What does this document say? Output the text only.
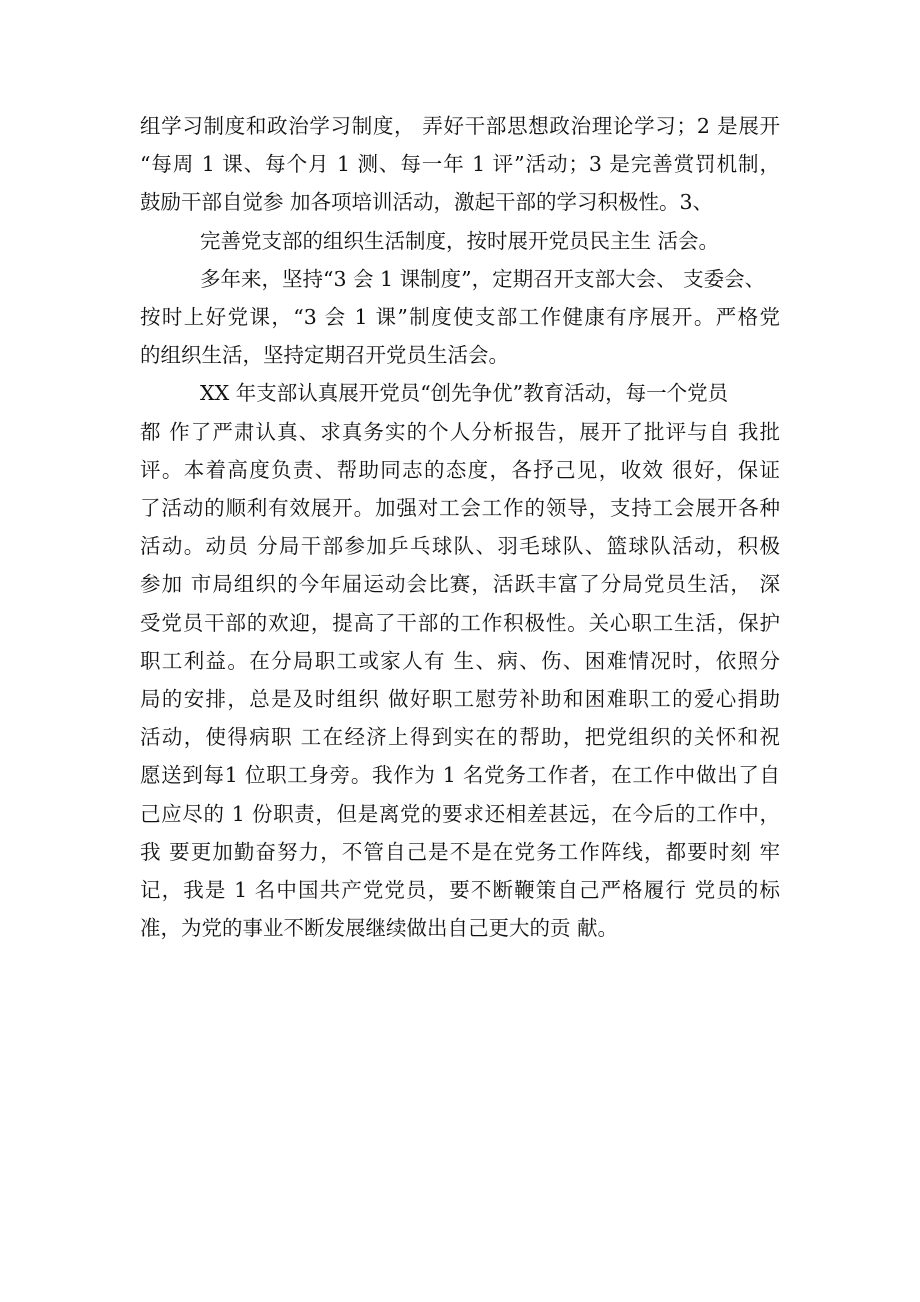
组学习制度和政治学习制度， 弄好干部思想政治理论学习；2 是展开
“每周 1 课、每个月 1 测、每一年 1 评”活动；3 是完善赏罚机制，
鼓励干部自觉参 加各项培训活动，激起干部的学习积极性。3、

完善党支部的组织生活制度，按时展开党员民主生 活会。

多年来，坚持“3 会 1 课制度”，定期召开支部大会、 支委会、
按时上好党课，“3 会 1 课”制度使支部工作健康有序展开。严格党
的组织生活，坚持定期召开党员生活会。

XX 年支部认真展开党员“创先争优”教育活动，每一个党员
都 作了严肃认真、求真务实的个人分析报告，展开了批评与自 我批
评。本着高度负责、帮助同志的态度，各抒己见，收效 很好，保证
了活动的顺利有效展开。加强对工会工作的领导，支持工会展开各种
活动。动员 分局干部参加乒乓球队、羽毛球队、篮球队活动，积极
参加 市局组织的今年届运动会比赛，活跃丰富了分局党员生活， 深
受党员干部的欢迎，提高了干部的工作积极性。关心职工生活，保护
职工利益。在分局职工或家人有 生、病、伤、困难情况时，依照分
局的安排，总是及时组织 做好职工慰劳补助和困难职工的爱心捐助
活动，使得病职 工在经济上得到实在的帮助，把党组织的关怀和祝
愿送到每1 位职工身旁。我作为 1 名党务工作者，在工作中做出了自
己应尽的 1 份职责，但是离党的要求还相差甚远，在今后的工作中，
我 要更加勤奋努力，不管自己是不是在党务工作阵线，都要时刻 牢
记，我是 1 名中国共产党党员，要不断鞭策自己严格履行 党员的标
准，为党的事业不断发展继续做出自己更大的贡 献。
